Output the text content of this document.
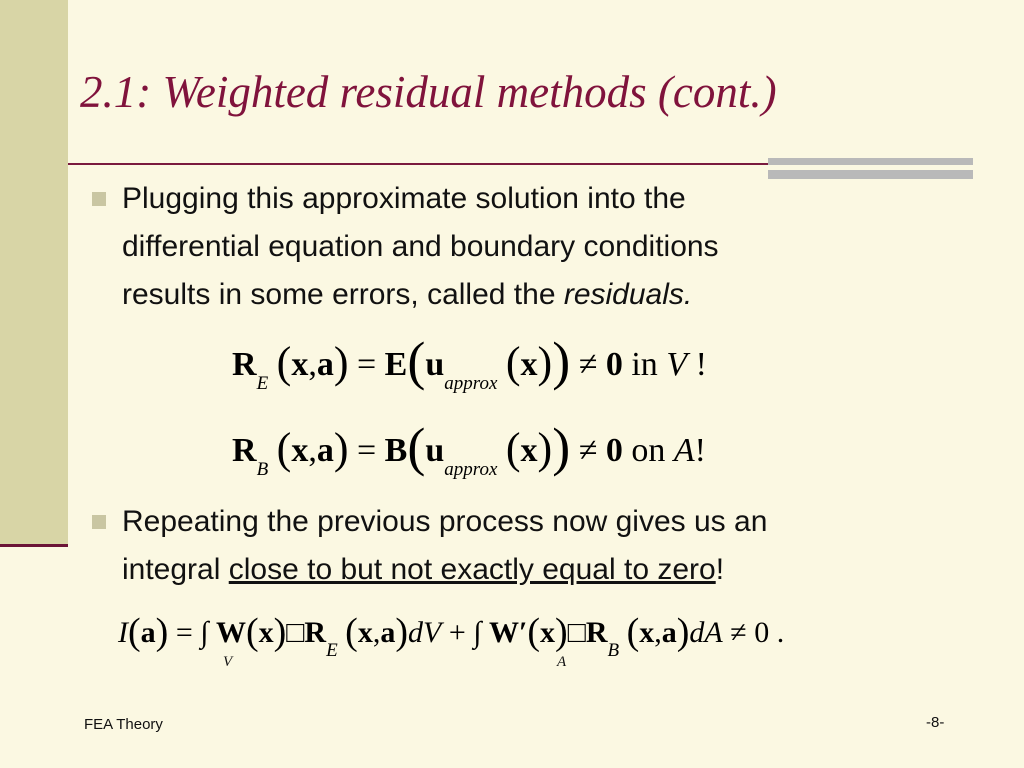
2.1: Weighted residual methods (cont.)
Plugging this approximate solution into the
differential equation and boundary conditions
results in some errors, called the residuals.
$R_E$ $(x,a) = E(u_{approx}$ (x)) ≠ 0 in V !
$R_B$ $(x,a) = B(u_{approx}$ (x)) ≠ 0 on A!
Repeating the previous process now gives us an
integral close to but not exactly equal to zero!
I(a) = ∫ $W(x)□R_E$ (x,a)dV + ∫ $W'(x)□R_B$ (x,a)dA ≠ 0 .
V	A
FEA Theory	-8-
